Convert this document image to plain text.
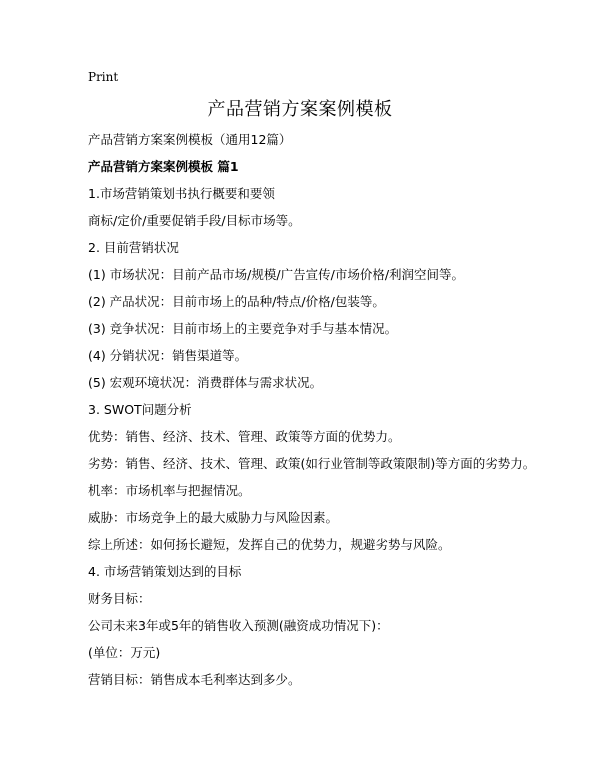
Print
产品营销方案案例模板
产品营销方案案例模板（通用12篇）
产品营销方案案例模板 篇1
1.市场营销策划书执行概要和要领
商标/定价/重要促销手段/目标市场等。
2. 目前营销状况
(1) 市场状况：目前产品市场/规模/广告宣传/市场价格/利润空间等。
(2) 产品状况：目前市场上的品种/特点/价格/包装等。
(3) 竞争状况：目前市场上的主要竞争对手与基本情况。
(4) 分销状况：销售渠道等。
(5) 宏观环境状况：消费群体与需求状况。
3. SWOT问题分析
优势：销售、经济、技术、管理、政策等方面的优势力。
劣势：销售、经济、技术、管理、政策(如行业管制等政策限制)等方面的劣势力。
机率：市场机率与把握情况。
威胁：市场竞争上的最大威胁力与风险因素。
综上所述：如何扬长避短，发挥自己的优势力，规避劣势与风险。
4. 市场营销策划达到的目标
财务目标：
公司未来3年或5年的销售收入预测(融资成功情况下)：
(单位：万元)
营销目标：销售成本毛利率达到多少。
